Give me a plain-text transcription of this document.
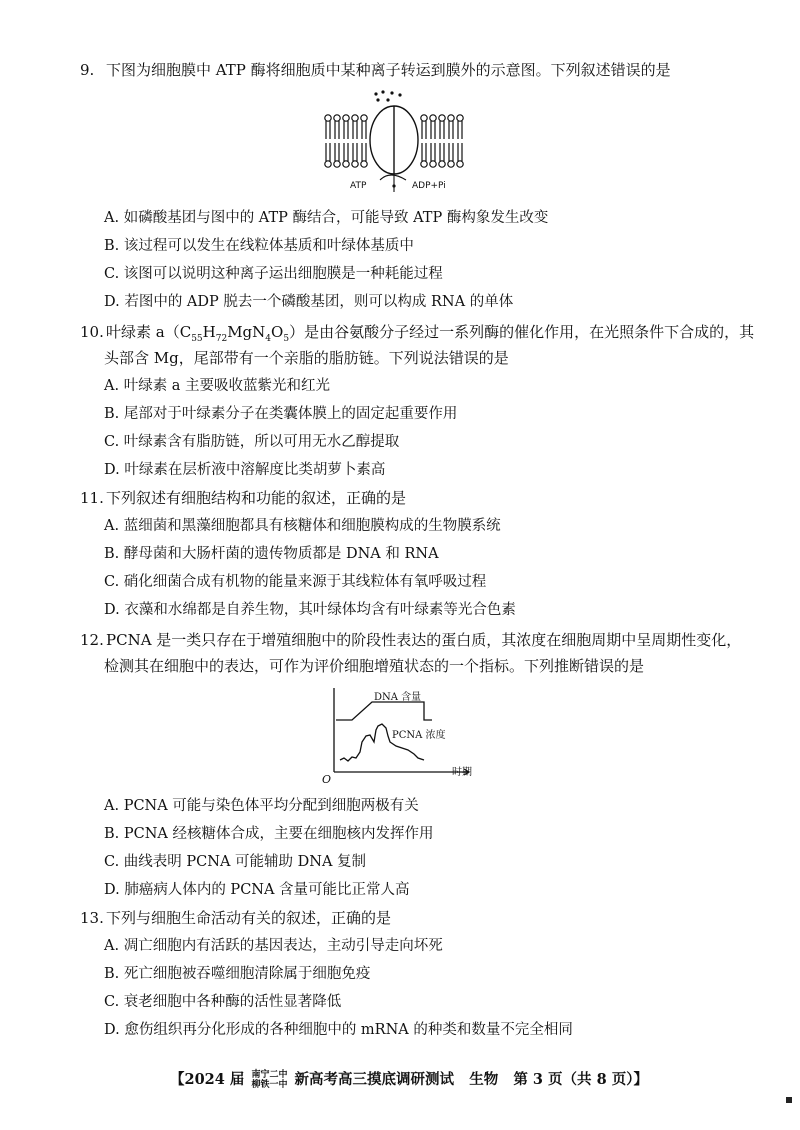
9. 下图为细胞膜中 ATP 酶将细胞质中某种离子转运到膜外的示意图。下列叙述错误的是
ATP	ADP+Pi
A. 如磷酸基团与图中的 ATP 酶结合，可能导致 ATP 酶构象发生改变
B. 该过程可以发生在线粒体基质和叶绿体基质中
C. 该图可以说明这种离子运出细胞膜是一种耗能过程
D. 若图中的 ADP 脱去一个磷酸基团，则可以构成 RNA 的单体
10. 叶绿素 $a(C_{55}H_{72}MgN_4O_5)$是由谷氨酸分子经过一系列酶的催化作用，在光照条件下合成的，其
头部含 Mg，尾部带有一个亲脂的脂肪链。下列说法错误的是
A. 叶绿素 a 主要吸收蓝紫光和红光
B. 尾部对于叶绿素分子在类囊体膜上的固定起重要作用
C. 叶绿素含有脂肪链，所以可用无水乙醇提取
D. 叶绿素在层析液中溶解度比类胡萝卜素高
11. 下列叙述有细胞结构和功能的叙述，正确的是
A. 蓝细菌和黑藻细胞都具有核糖体和细胞膜构成的生物膜系统
B. 酵母菌和大肠杆菌的遗传物质都是 DNA 和 RNA
C. 硝化细菌合成有机物的能量来源于其线粒体有氧呼吸过程
D. 衣藻和水绵都是自养生物，其叶绿体均含有叶绿素等光合色素
12. PCNA 是一类只存在于增殖细胞中的阶段性表达的蛋白质，其浓度在细胞周期中呈周期性变化，
检测其在细胞中的表达，可作为评价细胞增殖状态的一个指标。下列推断错误的是
DNA 含量
PCNA 浓度
O
时期
A. PCNA 可能与染色体平均分配到细胞两极有关
B. PCNA 经核糖体合成，主要在细胞核内发挥作用
C. 曲线表明 PCNA 可能辅助 DNA 复制
D. 肺癌病人体内的 PCNA 含量可能比正常人高
13. 下列与细胞生命活动有关的叙述，正确的是
A. 凋亡细胞内有活跃的基因表达，主动引导走向坏死
B. 死亡细胞被吞噬细胞清除属于细胞免疫
C. 衰老细胞中各种酶的活性显著降低
D. 愈伤组织再分化形成的各种细胞中的 mRNA 的种类和数量不完全相同
【2024 届 南宁二中
柳铁一中 新高考高三摸底调研测试 生物 第 3 页（共 8 页）】
